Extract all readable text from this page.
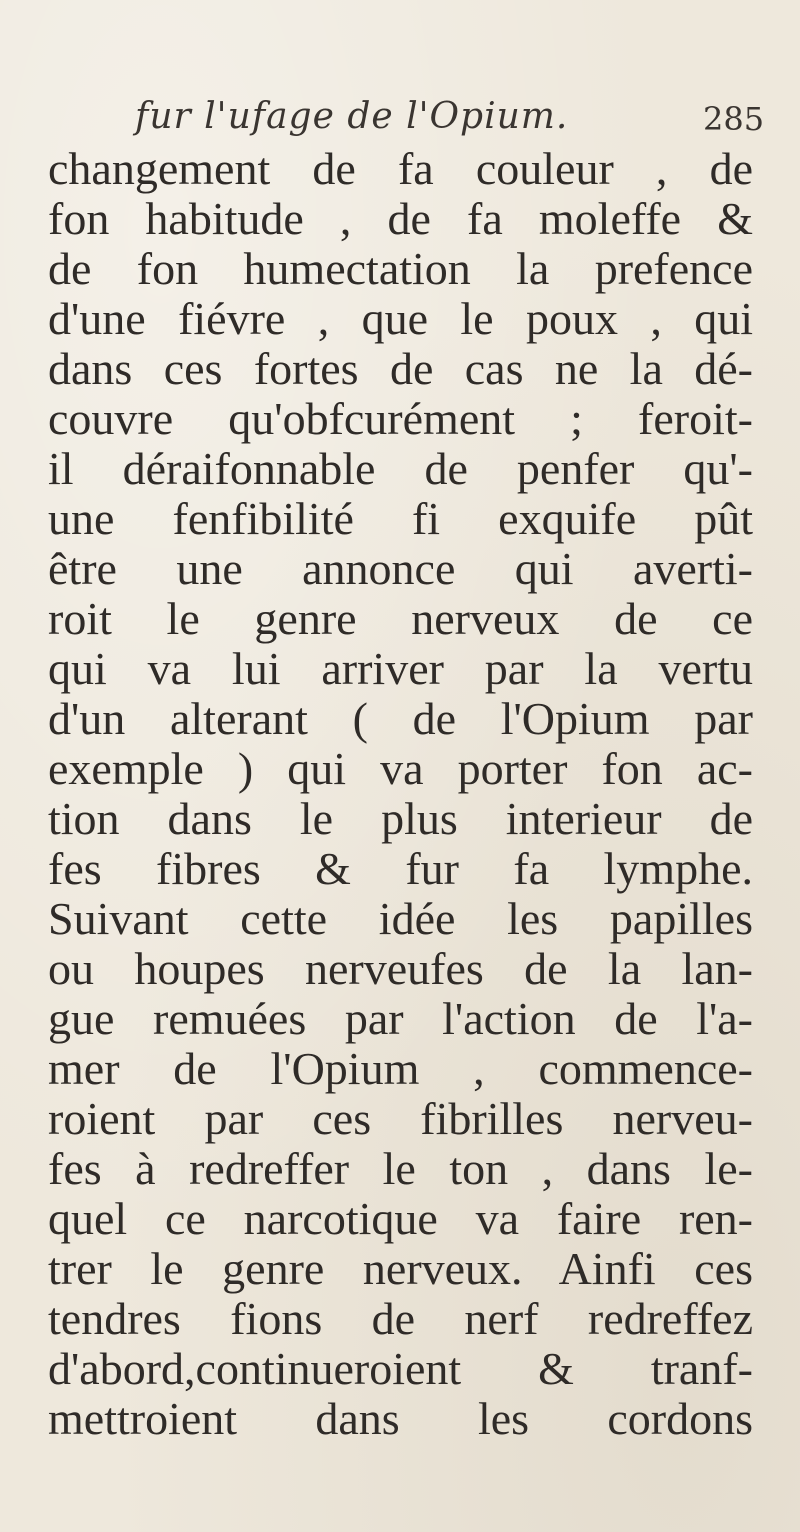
fur l'ufage de l'Opium.	285
changement de fa couleur , de
fon habitude , de fa moleffe &
de fon humectation la prefence
d'une fiévre , que le poux , qui
dans ces fortes de cas ne la dé-
couvre qu'obfcurément ; feroit-
il déraifonnable de penfer qu'-
une fenfibilité fi exquife pût
être une annonce qui averti-
roit le genre nerveux de ce
qui va lui arriver par la vertu
d'un alterant ( de l'Opium par
exemple ) qui va porter fon ac-
tion dans le plus interieur de
fes fibres & fur fa lymphe.
Suivant cette idée les papilles
ou houpes nerveufes de la lan-
gue remuées par l'action de l'a-
mer de l'Opium , commence-
roient par ces fibrilles nerveu-
fes à redreffer le ton , dans le-
quel ce narcotique va faire ren-
trer le genre nerveux. Ainfi ces
tendres fions de nerf redreffez
d'abord,continueroient & tranf-
mettroient dans les cordons
